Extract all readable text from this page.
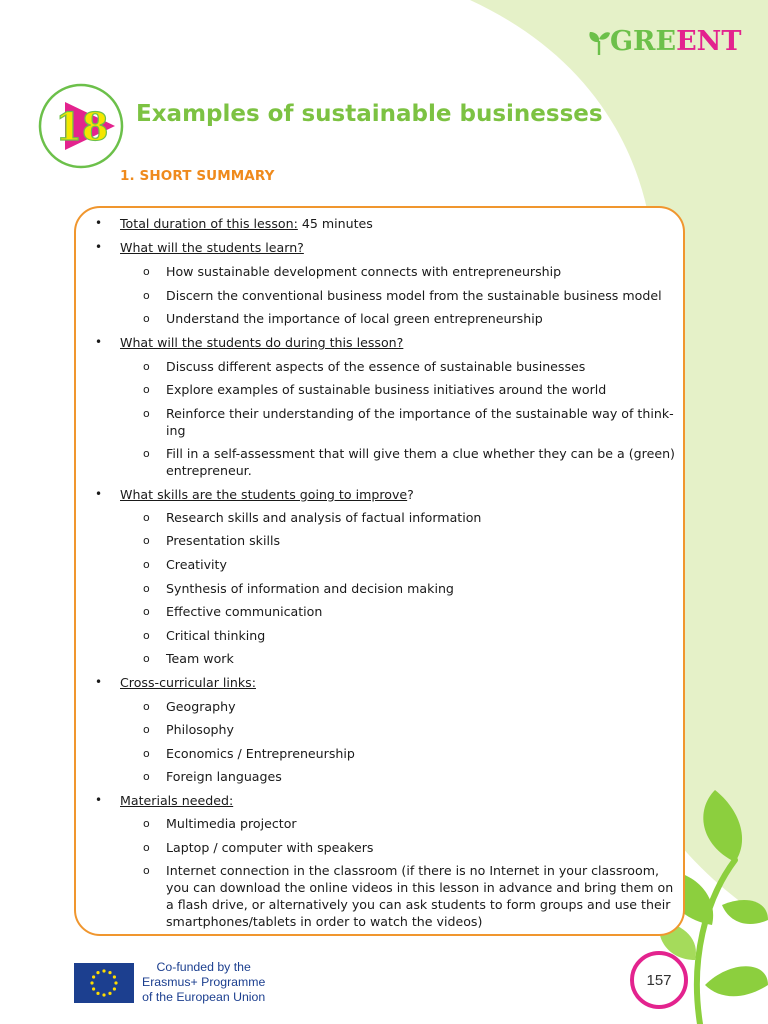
GREENT
18 Examples of sustainable businesses
1. SHORT SUMMARY
• Total duration of this lesson: 45 minutes
• What will the students learn?
o How sustainable development connects with entrepreneurship
o Discern the conventional business model from the sustainable business model
o Understand the importance of local green entrepreneurship
• What will the students do during this lesson?
o Discuss different aspects of the essence of sustainable businesses
o Explore examples of sustainable business initiatives around the world
o Reinforce their understanding of the importance of the sustainable way of think-
ing
o Fill in a self-assessment that will give them a clue whether they can be a (green)
entrepreneur.
• What skills are the students going to improve?
o Research skills and analysis of factual information
o Presentation skills
o Creativity
o Synthesis of information and decision making
o Effective communication
o Critical thinking
o Team work
• Cross-curricular links:
o Geography
o Philosophy
o Economics / Entrepreneurship
o Foreign languages
• Materials needed:
o Multimedia projector
o Laptop / computer with speakers
o Internet connection in the classroom (if there is no Internet in your classroom,
you can download the online videos in this lesson in advance and bring them on
a flash drive, or alternatively you can ask students to form groups and use their
smartphones/tablets in order to watch the videos)
Co-funded by the
Erasmus+ Programme
of the European Union
157
